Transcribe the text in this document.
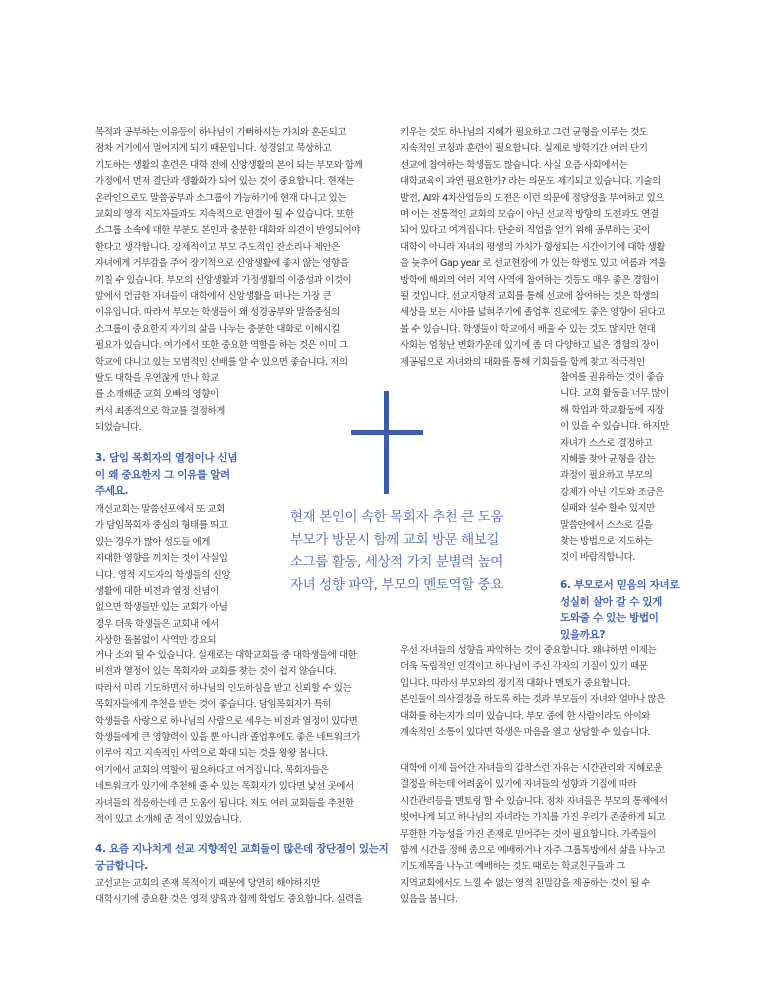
목적과 공부하는 이유등이 하나님이 기뻐하시는 가치와 혼돈되고

점차 거기에서 멀어지게 되기 때문입니다. 성경읽고 묵상하고

기도하는 생활의 훈련은 대학 전에 신앙생활의 본이 되는 부모와 함께

가정에서 먼저 결단과 생활화가 되어 있는 것이 중요합니다. 현재는

온라인으로도 말씀공부과 소그룹이 가능하기에 현재 다니고 있는

교회의 영적 지도자들과도 지속적으로 연결이 될 수 있습니다. 또한

소그룹 소속에 대한 부분도 본인과 충분한 대화와 의견이 반영되어야

한다고 생각합니다. 강제적이고 부모 주도적인 잔소리나 제안은

자녀에게 거부감을 주어 장기적으로 신앙생활에 좋지 않는 영향을

끼칠 수 있습니다. 부모의 신앙생활과 가정생활의 이중성과 이것이

앞에서 언급한 자녀들이 대학에서 신앙생활을 떠나는 가장 큰

이유입니다. 따라서 부모는 학생들이 왜 성경공부와 말씀중심의

소그룹이 중요한지 자기의 삶을 나누는 충분한 대화로 이해시킬

필요가 있습니다. 여기에서 또한 중요한 역할을 하는 것은 이미 그

학교에 다니고 있는 모범적인 선배를 알 수 있으면 좋습니다. 저의

딸도 대학을 우연잖게 만나 학교

를 소개해준 교회 오빠의 영향이

커서 최종적으로 학교를 결정하게

되었습니다.

3. 담임 목회자의 열정이나 신념

이 왜 중요한지 그 이유를 알려

주세요.

개신교회는 말씀선포에서 또 교회

가 담임목회자 중심의 형태를 띄고

있는 경우가 많아 성도들 에게

지대한 영향을 끼치는 것이 사실입

니다. 영적 지도자의 학생들의 신앙

생활에 대한 비전과 열정 신념이

없으면 학생들만 있는 교회가 아닐

경우 더욱 학생들은 교회내 에서

자상한 돌봄없이 사역만 강요되

거나 소외 될 수 있습니다. 실제로는 대학교회들 중 대학생들에 대한

비전과 열정이 있는 목회자와 교회를 찾는 것이 쉽지 않습니다.

따라서 미리 기도하면서 하나님의 인도하심을 받고 신뢰할 수 있는

목회자들에게 추천을 받는 것이 좋습니다. 담임목회자가 특히

학생들을 사랑으로 하나님의 사람으로 세우는 비전과 열정이 있다면

학생들에게 큰 영향력이 있을 뿐 아니라 졸업후에도 좋은 네트워크가

이루어 지고 지속적인 사역으로 확대 되는 것을 왕왕 봅니다.

여기에서 교회의 역할이 필요하다고 여겨집니다. 목회자들은

네트워크가 있기에 추천해 줄 수 있는 목회자가 있다면 낯선 곳에서

자녀들의 적응하는데 큰 도움이 됩니다. 저도 여러 교회들을 추천한

적이 있고 소개해 준 적이 있었습니다.

4. 요즘 지나치게 선교 지향적인 교회들이 많은데 장단점이 있는지

궁금합니다.

교선교는 교회의 존재 목적이기 때문에 당연히 해야하지만

대학시기에 중요한 것은 영적 양육과 함께 학업도 중요합니다. 실력을

현재 본인이 속한 목회자 추천 큰 도움

부모가 방문시 함께 교회 방문 해보길

소그룹 활동, 세상적 가치 분별력 높여

자녀 성향 파악, 부모의 멘토역할 중요

키우는 것도 하나님의 지혜가 필요하고 그런 균형을 이루는 것도

지속적인 코칭과 훈련이 필요합니다. 실제로 방학기간 여러 단기

선교에 참여하는 학생들도 많습니다. 사실 요즘 사회에서는

대학교육이 과연 필요한가? 라는 의문도 제기되고 있습니다. 기술의

발전, AI와 4차산업등의 도전은 이런 의문에 정당성을 부여하고 있으

며 이는 전통적인 교회의 모습이 아닌 선교적 방향의 도전과도 연결

되어 있다고 여겨집니다. 단순히 직업을 얻기 위해 공부하는 곳이

대학이 아니라 자녀의 평생의 가치가 형성되는 시간이기에 대학 생활

을 늦추어 Gap year 로 선교현장에 가 있는 학생도 있고 여름과 겨울

방학에 해외의 여러 지역 사역에 참여하는 것등도 매우 좋은 경험이

될 것입니다. 선교지향적 교회를 통해 선교에 참여하는 것은 학생의

세상을 보는 시야를 넓혀주기에 졸업후 진로에도 좋은 영향이 된다고

볼 수 있습니다. 학생들이 학교에서 배울 수 있는 것도 많지만 현대

사회는 엄청난 변화가운데 있기에 좀 더 다양하고 넓은 경험의 장이

제공됨으로 자녀와의 대화를 통해 기회들을 함께 찾고 적극적인

참여를 권유하는 것이 좋습

니다. 교회 활동을 너무 많이

해 학업과 학교활동에 지장

이 있을 수 있습니다. 하지만

자녀가 스스로 결정하고

지혜를 찾아 균형을 잡는

과정이 필요하고 부모의

강제가 아닌 기도와 조금은

실패와 실수 할수 있지만

말씀안에서 스스로 길을

찾는 방법으로 지도하는

것이 바람직합니다.

6. 부모로서 믿음의 자녀로

성실히 살아 갈 수 있게

도와줄 수 있는 방법이

있을까요?

우선 자녀들의 성향을 파악하는 것이 중요합니다. 왜냐하면 이제는

더욱 독립적인 인격이고 하나님이 주신 각자의 기질이 있기 때문

입니다. 따라서 부모와의 정기적 대화나 멘토가 중요합니다.

본인들이 의사결정을 하도록 하는 것과 부모들이 자녀와 얼마나 많은

대화를 하는지가 의미 있습니다. 부모 중에 한 사람이라도 아이와

계속적인 소통이 있다면 학생은 마음을 열고 상담할 수 있습니다.

대학에 이제 들어간 자녀들의 갑작스런 자유는 시간관리와 지혜로운

결정을 하는데 어려움이 있기에 자녀들의 성향과 기질에 따라

시간관리등을 멘토링 할 수 있습니다. 점차 자녀들은 부모의 통제에서

벗어나게 되고 하나님의 자녀라는 가치를 가진 우리가 존중하게 되고

무한한 가능성을 가진 존재로 믿어주는 것이 필요합니다. 가족들이

함께 시간을 정해 줌으로 예배하거나 자주 그룹톡방에서 삶을 나누고

기도제목을 나누고 예배하는 것도 때로는 학교친구들과 그

지역교회에서도 느낄 수 없는 영적 친밀감을 제공하는 것이 될 수

있음을 봅니다.
